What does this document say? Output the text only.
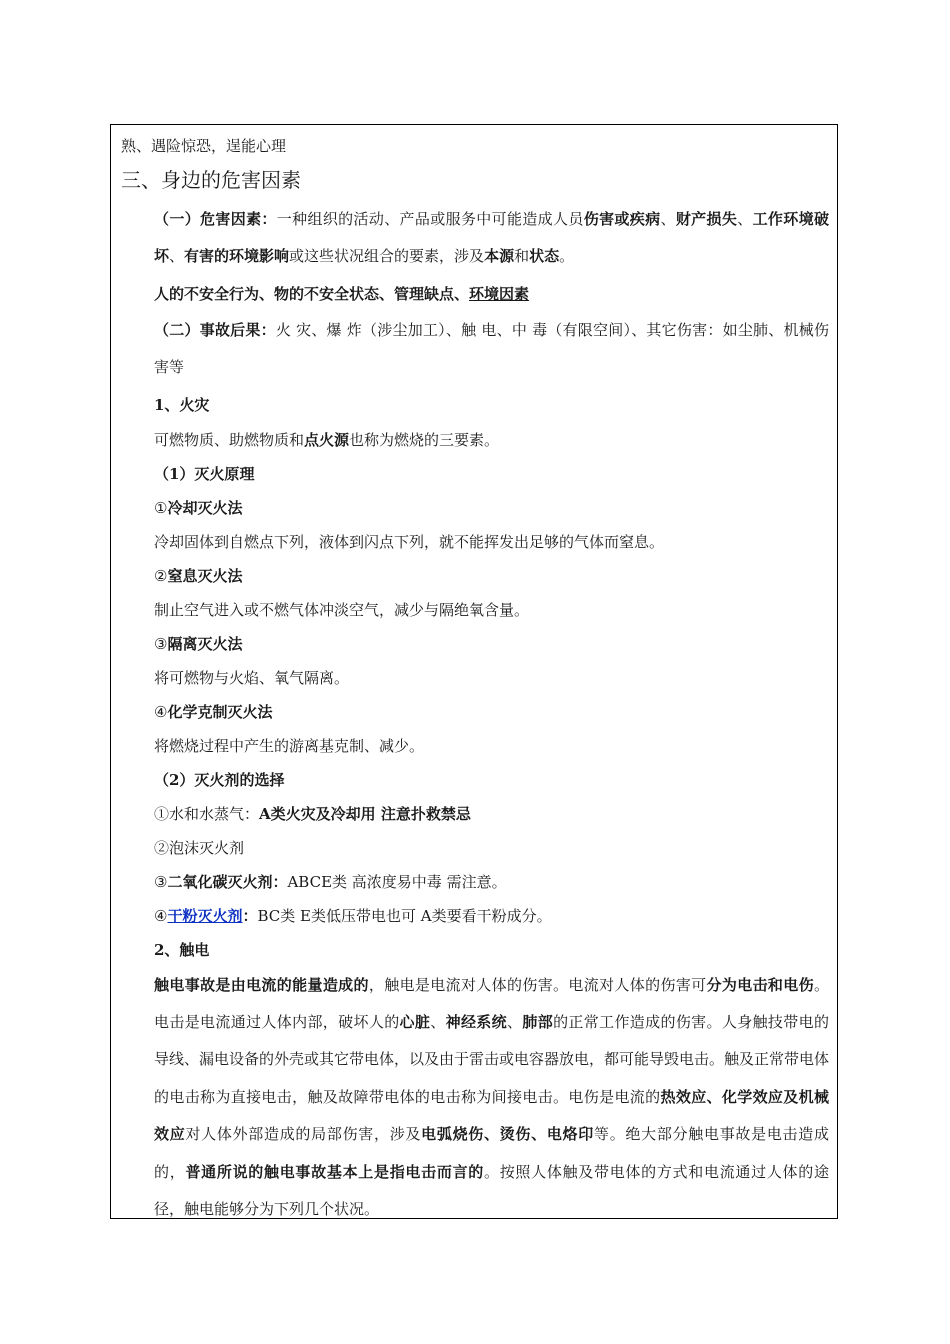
熟、遇险惊恐，逞能心理

三、身边的危害因素

（一）危害因素：一种组织的活动、产品或服务中可能造成人员伤害或疾病、财产损失、工作环境破坏、有害的环境影响或这些状况组合的要素，涉及本源和状态。

人的不安全行为、物的不安全状态、管理缺点、环境因素

（二）事故后果：火 灾、爆 炸（涉尘加工）、触 电、中 毒（有限空间）、其它伤害：如尘肺、机械伤害等

1、火灾

可燃物质、助燃物质和点火源也称为燃烧的三要素。

（1）灭火原理

①冷却灭火法

冷却固体到自燃点下列，液体到闪点下列，就不能挥发出足够的气体而窒息。

②窒息灭火法

制止空气进入或不燃气体冲淡空气，减少与隔绝氧含量。

③隔离灭火法

将可燃物与火焰、氧气隔离。

④化学克制灭火法

将燃烧过程中产生的游离基克制、减少。

（2）灭火剂的选择

①水和水蒸气：A类火灾及冷却用 注意扑救禁忌

②泡沫灭火剂

③二氧化碳灭火剂：ABCE类 高浓度易中毒 需注意。

④干粉灭火剂：BC类 E类低压带电也可 A类要看干粉成分。

2、触电

触电事故是由电流的能量造成的，触电是电流对人体的伤害。电流对人体的伤害可分为电击和电伤。电击是电流通过人体内部，破坏人的心脏、神经系统、肺部的正常工作造成的伤害。人身触技带电的导线、漏电设备的外壳或其它带电体，以及由于雷击或电容器放电，都可能导毁电击。触及正常带电体的电击称为直接电击，触及故障带电体的电击称为间接电击。电伤是电流的热效应、化学效应及机械效应对人体外部造成的局部伤害，涉及电弧烧伤、烫伤、电烙印等。绝大部分触电事故是电击造成的，普通所说的触电事故基本上是指电击而言的。按照人体触及带电体的方式和电流通过人体的途径，触电能够分为下列几个状况。
